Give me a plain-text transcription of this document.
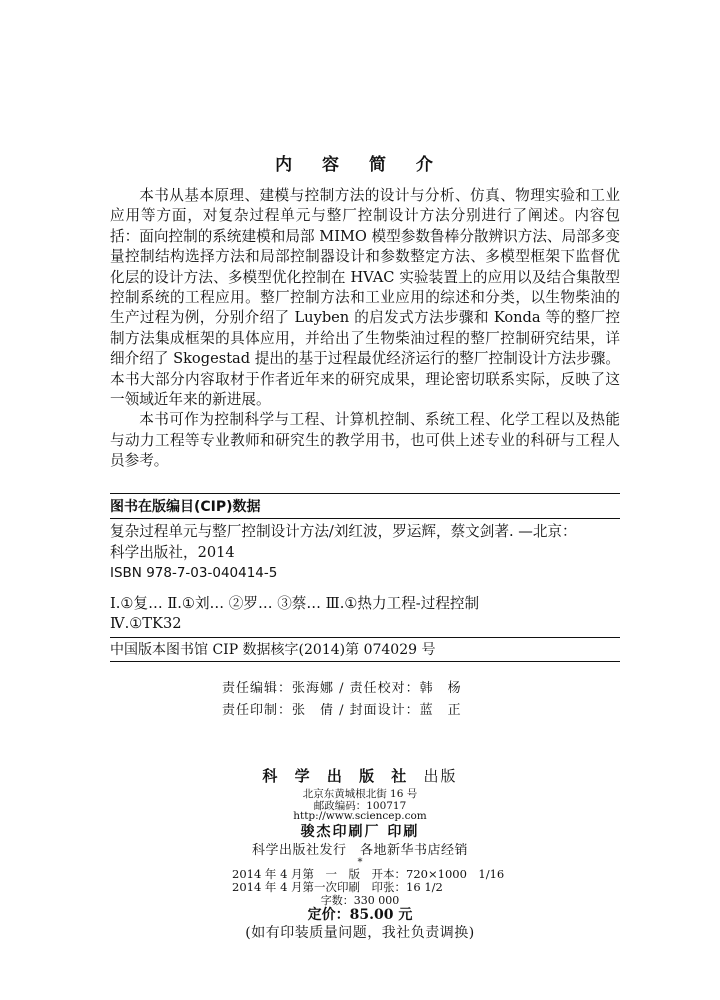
内 容 简 介

本书从基本原理、建模与控制方法的设计与分析、仿真、物理实验和工业应用等方面，对复杂过程单元与整厂控制设计方法分别进行了阐述。内容包括：面向控制的系统建模和局部 MIMO 模型参数鲁棒分散辨识方法、局部多变量控制结构选择方法和局部控制器设计和参数整定方法、多模型框架下监督优化层的设计方法、多模型优化控制在 HVAC 实验装置上的应用以及结合集散型控制系统的工程应用。整厂控制方法和工业应用的综述和分类，以生物柴油的生产过程为例，分别介绍了 Luyben 的启发式方法步骤和 Konda 等的整厂控制方法集成框架的具体应用，并给出了生物柴油过程的整厂控制研究结果，详细介绍了 Skogestad 提出的基于过程最优经济运行的整厂控制设计方法步骤。本书大部分内容取材于作者近年来的研究成果，理论密切联系实际，反映了这一领域近年来的新进展。

本书可作为控制科学与工程、计算机控制、系统工程、化学工程以及热能与动力工程等专业教师和研究生的教学用书，也可供上述专业的科研与工程人员参考。

图书在版编目(CIP)数据
复杂过程单元与整厂控制设计方法/刘红波，罗运辉，蔡文剑著. —北京：
科学出版社，2014
ISBN 978-7-03-040414-5
Ⅰ.①复… Ⅱ.①刘… ②罗… ③蔡… Ⅲ.①热力工程-过程控制
Ⅳ.①TK32
中国版本图书馆 CIP 数据核字(2014)第 074029 号
责任编辑：张海娜 / 责任校对：韩　杨
责任印制：张　倩 / 封面设计：蓝　正
科 学 出 版 社 出版
北京东黄城根北街 16 号
邮政编码：100717
http://www.sciencep.com
骏杰印刷厂 印刷
科学出版社发行　各地新华书店经销
*
2014 年 4 月第　一　版　开本：720×1000　1/16
2014 年 4 月第一次印刷　印张：16 1/2
字数：330 000
定价：85.00 元
(如有印装质量问题，我社负责调换)
